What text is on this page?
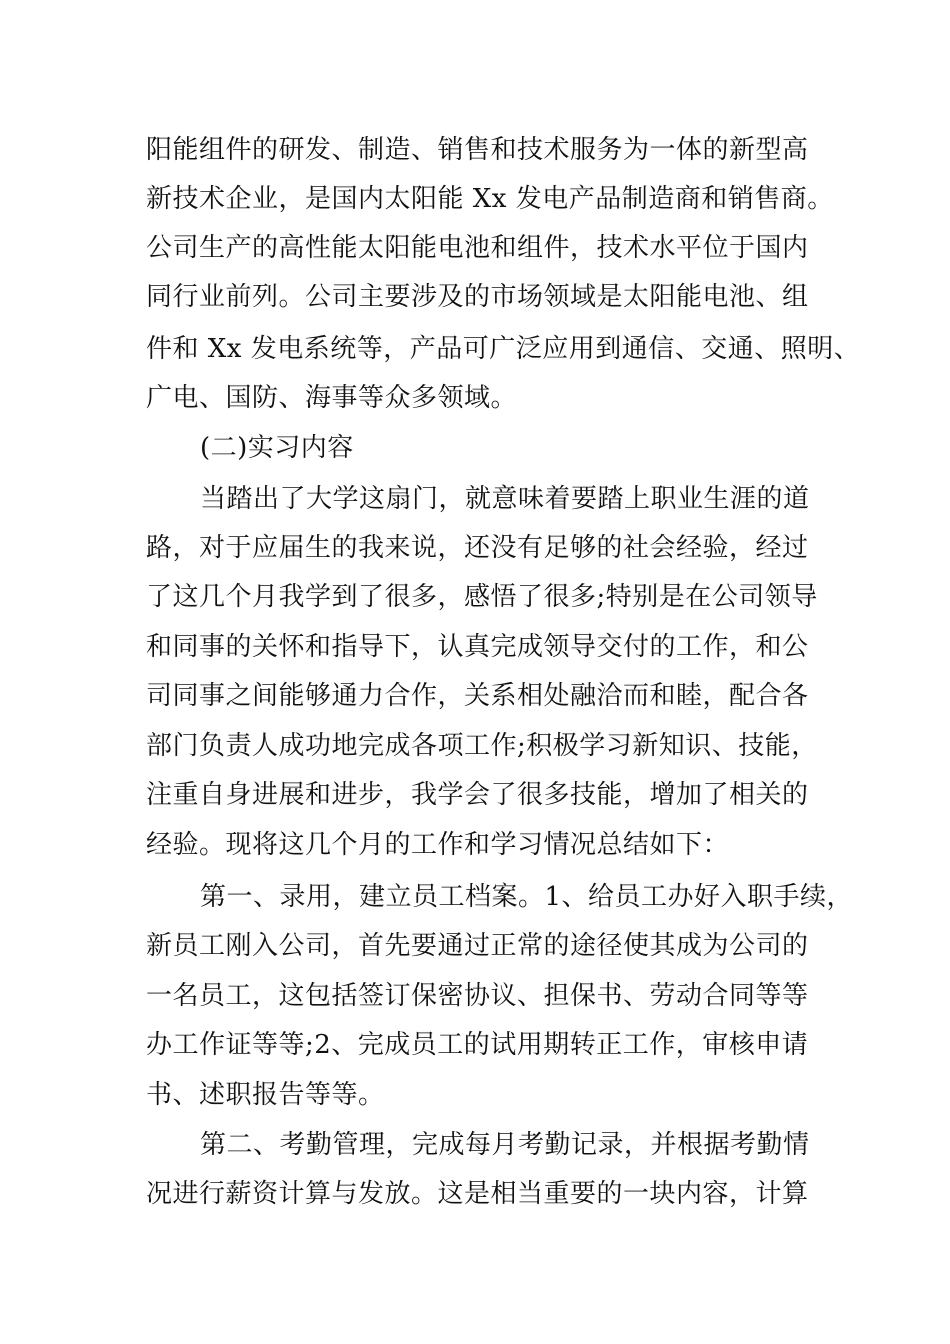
阳能组件的研发、制造、销售和技术服务为一体的新型高
新技术企业，是国内太阳能 Xx 发电产品制造商和销售商。
公司生产的高性能太阳能电池和组件，技术水平位于国内
同行业前列。公司主要涉及的市场领域是太阳能电池、组
件和 Xx 发电系统等，产品可广泛应用到通信、交通、照明、
广电、国防、海事等众多领域。
(二)实习内容
当踏出了大学这扇门，就意味着要踏上职业生涯的道
路，对于应届生的我来说，还没有足够的社会经验，经过
了这几个月我学到了很多，感悟了很多;特别是在公司领导
和同事的关怀和指导下，认真完成领导交付的工作，和公
司同事之间能够通力合作，关系相处融洽而和睦，配合各
部门负责人成功地完成各项工作;积极学习新知识、技能，
注重自身进展和进步，我学会了很多技能，增加了相关的
经验。现将这几个月的工作和学习情况总结如下：
第一、录用，建立员工档案。1、给员工办好入职手续，
新员工刚入公司，首先要通过正常的途径使其成为公司的
一名员工，这包括签订保密协议、担保书、劳动合同等等
办工作证等等;2、完成员工的试用期转正工作，审核申请
书、述职报告等等。
第二、考勤管理，完成每月考勤记录，并根据考勤情
况进行薪资计算与发放。这是相当重要的一块内容，计算
